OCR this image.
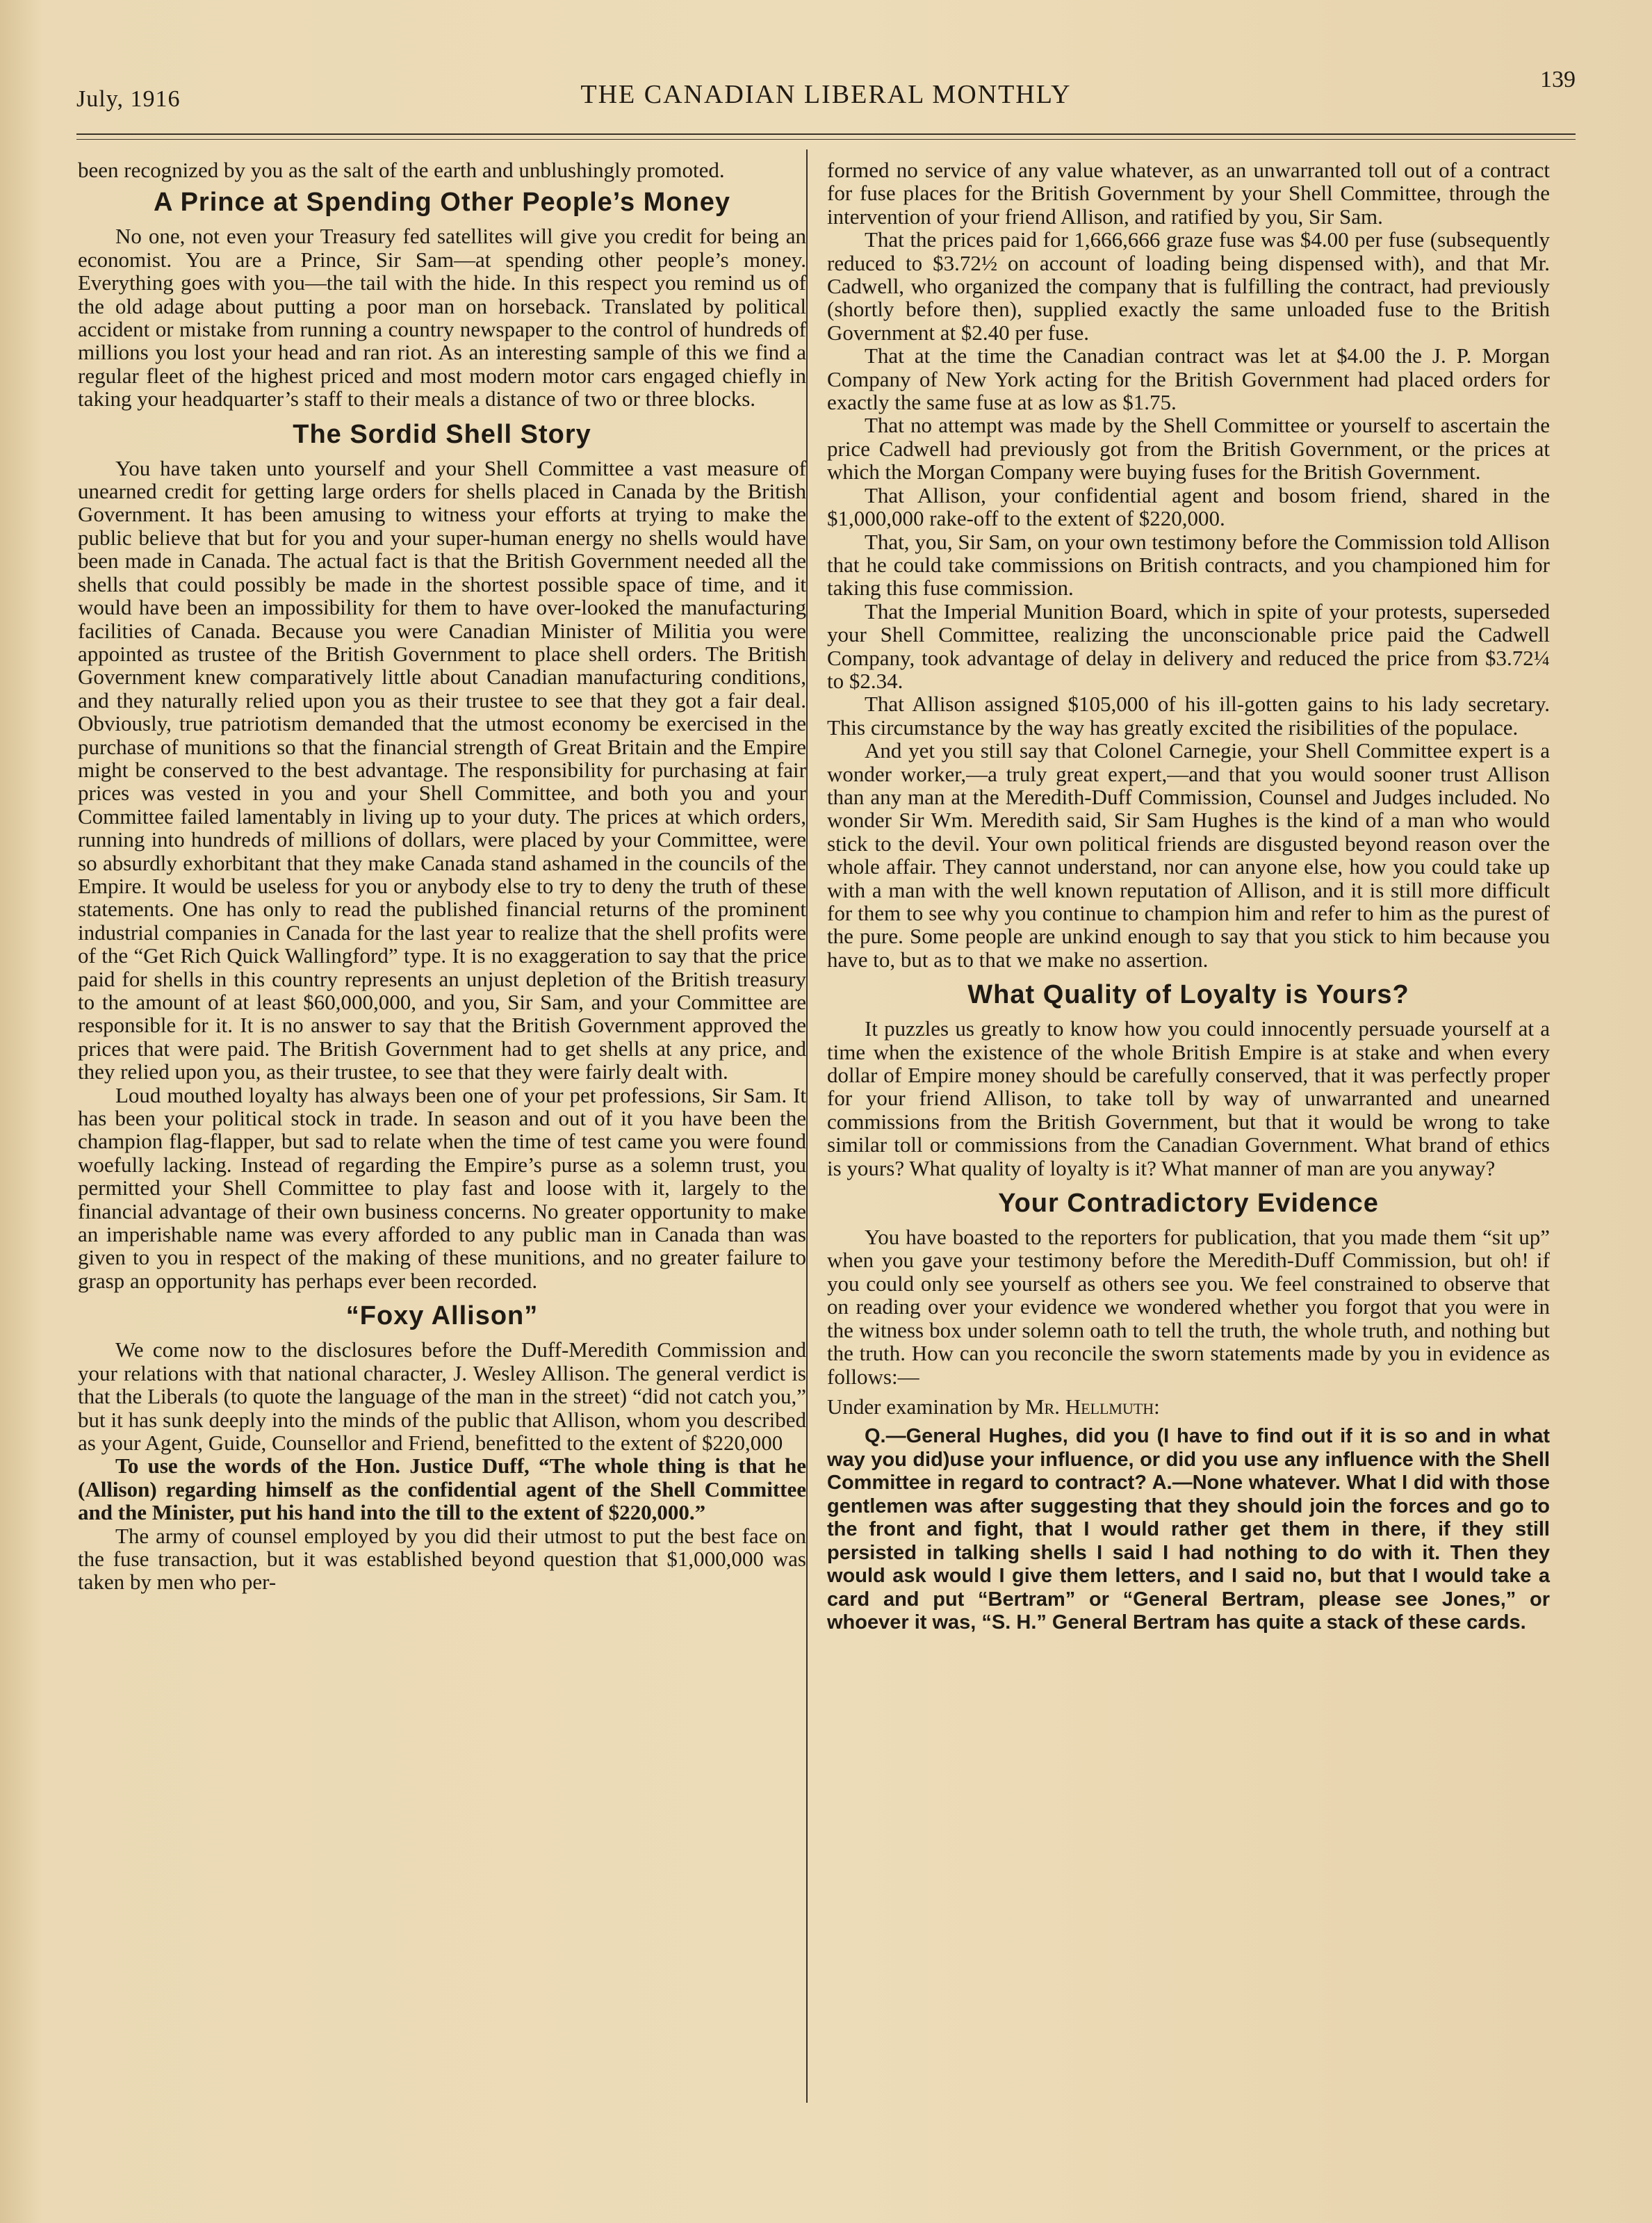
July, 1916	THE CANADIAN LIBERAL MONTHLY
139

been recognized by you as the salt of the earth and unblushingly promoted.

A Prince at Spending Other People’s Money

No one, not even your Treasury fed satellites will give you credit for being an economist. You are a Prince, Sir Sam—at spending other people’s money. Everything goes with you—the tail with the hide. In this respect you remind us of the old adage about putting a poor man on horseback. Translated by political accident or mistake from running a country newspaper to the control of hundreds of millions you lost your head and ran riot. As an interesting sample of this we find a regular fleet of the highest priced and most modern motor cars engaged chiefly in taking your headquarter’s staff to their meals a distance of two or three blocks.

The Sordid Shell Story

You have taken unto yourself and your Shell Committee a vast measure of unearned credit for getting large orders for shells placed in Canada by the British Government. It has been amusing to witness your efforts at trying to make the public believe that but for you and your super-human energy no shells would have been made in Canada. The actual fact is that the British Government needed all the shells that could possibly be made in the shortest possible space of time, and it would have been an impossibility for them to have over-looked the manufacturing facilities of Canada. Because you were Canadian Minister of Militia you were appointed as trustee of the British Government to place shell orders. The British Government knew comparatively little about Canadian manufacturing conditions, and they naturally relied upon you as their trustee to see that they got a fair deal. Obviously, true patriotism demanded that the utmost economy be exercised in the purchase of munitions so that the financial strength of Great Britain and the Empire might be conserved to the best advantage. The responsibility for purchasing at fair prices was vested in you and your Shell Committee, and both you and your Committee failed lamentably in living up to your duty. The prices at which orders, running into hundreds of millions of dollars, were placed by your Committee, were so absurdly exhorbitant that they make Canada stand ashamed in the councils of the Empire. It would be useless for you or anybody else to try to deny the truth of these statements. One has only to read the published financial returns of the prominent industrial companies in Canada for the last year to realize that the shell profits were of the “Get Rich Quick Wallingford” type. It is no exaggeration to say that the price paid for shells in this country represents an unjust depletion of the British treasury to the amount of at least $60,000,000, and you, Sir Sam, and your Committee are responsible for it. It is no answer to say that the British Government approved the prices that were paid. The British Government had to get shells at any price, and they relied upon you, as their trustee, to see that they were fairly dealt with.

Loud mouthed loyalty has always been one of your pet professions, Sir Sam. It has been your political stock in trade. In season and out of it you have been the champion flag-flapper, but sad to relate when the time of test came you were found woefully lacking. Instead of regarding the Empire’s purse as a solemn trust, you permitted your Shell Committee to play fast and loose with it, largely to the financial advantage of their own business concerns. No greater opportunity to make an imperishable name was every afforded to any public man in Canada than was given to you in respect of the making of these munitions, and no greater failure to grasp an opportunity has perhaps ever been recorded.

“Foxy Allison”

We come now to the disclosures before the Duff-Meredith Commission and your relations with that national character, J. Wesley Allison. The general verdict is that the Liberals (to quote the language of the man in the street) “did not catch you,” but it has sunk deeply into the minds of the public that Allison, whom you described as your Agent, Guide, Counsellor and Friend, benefitted to the extent of $220,000

To use the words of the Hon. Justice Duff, “The whole thing is that he (Allison) regarding himself as the confidential agent of the Shell Committee and the Minister, put his hand into the till to the extent of $220,000.”

The army of counsel employed by you did their utmost to put the best face on the fuse transaction, but it was established beyond question that $1,000,000 was taken by men who per-

formed no service of any value whatever, as an unwarranted toll out of a contract for fuse places for the British Government by your Shell Committee, through the intervention of your friend Allison, and ratified by you, Sir Sam.

That the prices paid for 1,666,666 graze fuse was $4.00 per fuse (subsequently reduced to $3.72½ on account of loading being dispensed with), and that Mr. Cadwell, who organized the company that is fulfilling the contract, had previously (shortly before then), supplied exactly the same unloaded fuse to the British Government at $2.40 per fuse.

That at the time the Canadian contract was let at $4.00 the J. P. Morgan Company of New York acting for the British Government had placed orders for exactly the same fuse at as low as $1.75.

That no attempt was made by the Shell Committee or yourself to ascertain the price Cadwell had previously got from the British Government, or the prices at which the Morgan Company were buying fuses for the British Government.

That Allison, your confidential agent and bosom friend, shared in the $1,000,000 rake-off to the extent of $220,000.

That, you, Sir Sam, on your own testimony before the Commission told Allison that he could take commissions on British contracts, and you championed him for taking this fuse commission.

That the Imperial Munition Board, which in spite of your protests, superseded your Shell Committee, realizing the unconscionable price paid the Cadwell Company, took advantage of delay in delivery and reduced the price from $3.72¼ to $2.34.

That Allison assigned $105,000 of his ill-gotten gains to his lady secretary. This circumstance by the way has greatly excited the risibilities of the populace.

And yet you still say that Colonel Carnegie, your Shell Committee expert is a wonder worker,—a truly great expert,—and that you would sooner trust Allison than any man at the Meredith-Duff Commission, Counsel and Judges included. No wonder Sir Wm. Meredith said, Sir Sam Hughes is the kind of a man who would stick to the devil. Your own political friends are disgusted beyond reason over the whole affair. They cannot understand, nor can anyone else, how you could take up with a man with the well known reputation of Allison, and it is still more difficult for them to see why you continue to champion him and refer to him as the purest of the pure. Some people are unkind enough to say that you stick to him because you have to, but as to that we make no assertion.

What Quality of Loyalty is Yours?

It puzzles us greatly to know how you could innocently persuade yourself at a time when the existence of the whole British Empire is at stake and when every dollar of Empire money should be carefully conserved, that it was perfectly proper for your friend Allison, to take toll by way of unwarranted and unearned commissions from the British Government, but that it would be wrong to take similar toll or commissions from the Canadian Government. What brand of ethics is yours? What quality of loyalty is it? What manner of man are you anyway?

Your Contradictory Evidence

You have boasted to the reporters for publication, that you made them “sit up” when you gave your testimony before the Meredith-Duff Commission, but oh! if you could only see yourself as others see you. We feel constrained to observe that on reading over your evidence we wondered whether you forgot that you were in the witness box under solemn oath to tell the truth, the whole truth, and nothing but the truth. How can you reconcile the sworn statements made by you in evidence as follows:—

Under examination by Mr. Hellmuth:

Q.—General Hughes, did you (I have to find out if it is so and in what way you did)use your influence, or did you use any influence with the Shell Committee in regard to contract? A.—None whatever. What I did with those gentlemen was after suggesting that they should join the forces and go to the front and fight, that I would rather get them in there, if they still persisted in talking shells I said I had nothing to do with it. Then they would ask would I give them letters, and I said no, but that I would take a card and put “Bertram” or “General Bertram, please see Jones,” or whoever it was, “S. H.” General Bertram has quite a stack of these cards.
